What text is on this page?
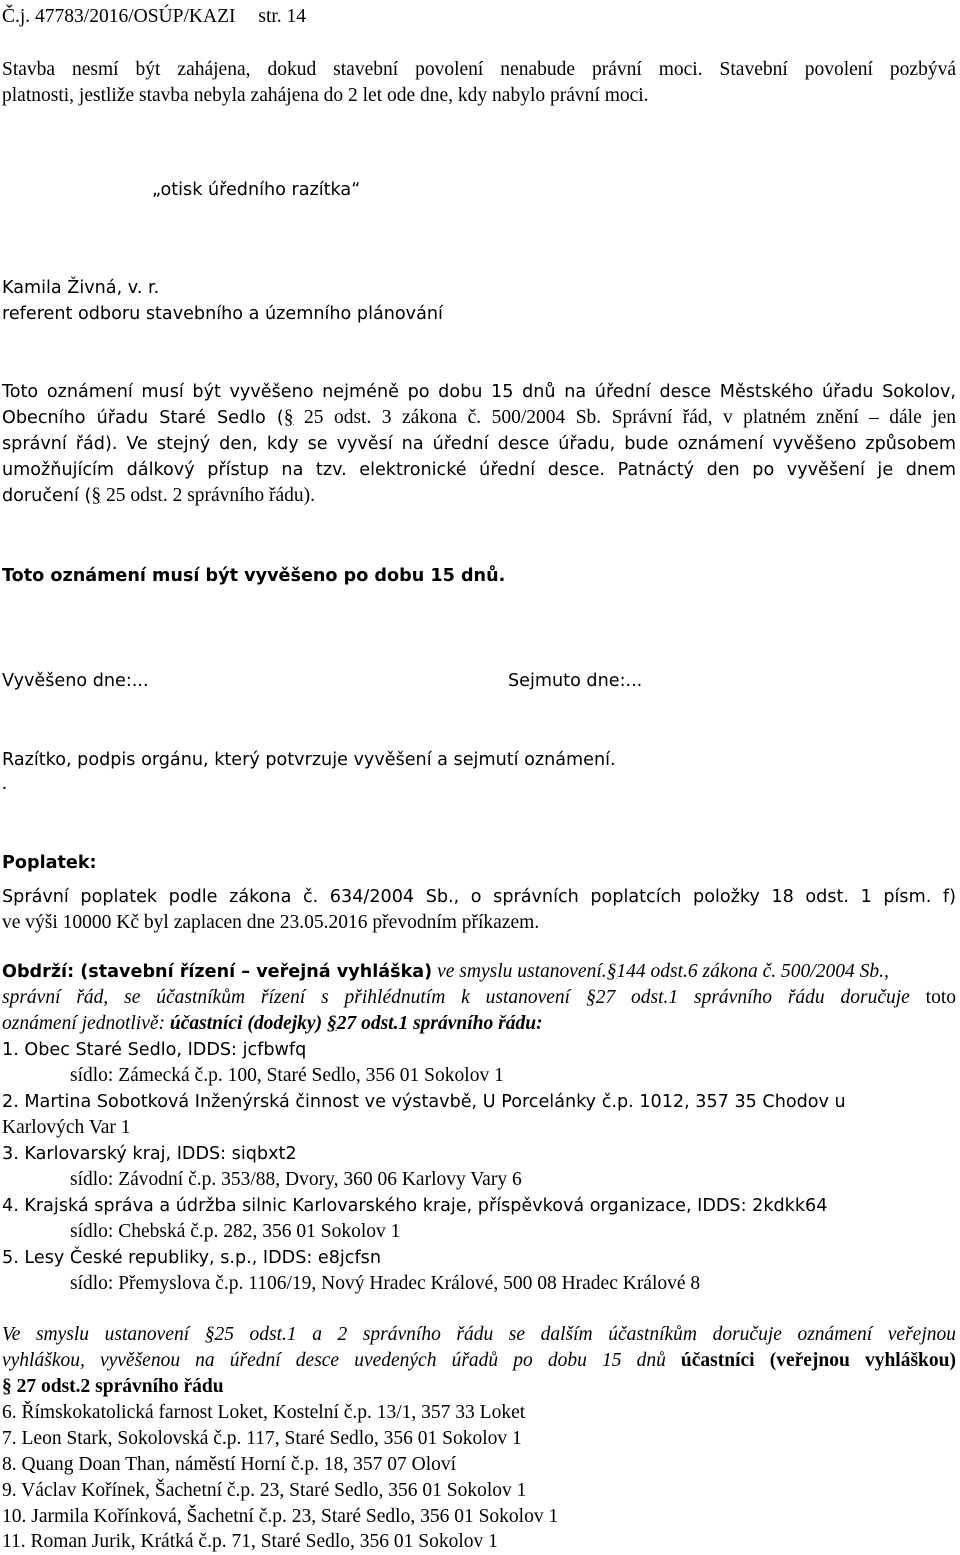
Č.j. 47783/2016/OSÚP/KAZI str. 14
Stavba nesmí být zahájena, dokud stavební povolení nenabude právní moci. Stavební povolení pozbývá
platnosti, jestliže stavba nebyla zahájena do 2 let ode dne, kdy nabylo právní moci.
„otisk úředního razítka“
Kamila Živná, v. r.
referent odboru stavebního a územního plánování
Toto oznámení musí být vyvěšeno nejméně po dobu 15 dnů na úřední desce Městského úřadu Sokolov,
Obecního úřadu Staré Sedlo (§ 25 odst. 3 zákona č. 500/2004 Sb. Správní řád, v platném znění – dále jen
správní řád). Ve stejný den, kdy se vyvěsí na úřední desce úřadu, bude oznámení vyvěšeno způsobem
umožňujícím dálkový přístup na tzv. elektronické úřední desce. Patnáctý den po vyvěšení je dnem
doručení (§ 25 odst. 2 správního řádu).
Toto oznámení musí být vyvěšeno po dobu 15 dnů.
Vyvěšeno dne:...	Sejmuto dne:...
Razítko, podpis orgánu, který potvrzuje vyvěšení a sejmutí oznámení.
.
Poplatek:
Správní poplatek podle zákona č. 634/2004 Sb., o správních poplatcích položky 18 odst. 1 písm. f)
ve výši 10000 Kč byl zaplacen dne 23.05.2016 převodním příkazem.
Obdrží: (stavební řízení – veřejná vyhláška) ve smyslu ustanovení.§144 odst.6 zákona č. 500/2004 Sb.,
správní řád, se účastníkům řízení s přihlédnutím k ustanovení §27 odst.1 správního řádu doručuje toto
oznámení jednotlivě: účastníci (dodejky) §27 odst.1 správního řádu:
1. Obec Staré Sedlo, IDDS: jcfbwfq
sídlo: Zámecká č.p. 100, Staré Sedlo, 356 01 Sokolov 1
2. Martina Sobotková Inženýrská činnost ve výstavbě, U Porcelánky č.p. 1012, 357 35 Chodov u
Karlových Var 1
3. Karlovarský kraj, IDDS: siqbxt2
sídlo: Závodní č.p. 353/88, Dvory, 360 06 Karlovy Vary 6
4. Krajská správa a údržba silnic Karlovarského kraje, příspěvková organizace, IDDS: 2kdkk64
sídlo: Chebská č.p. 282, 356 01 Sokolov 1
5. Lesy České republiky, s.p., IDDS: e8jcfsn
sídlo: Přemyslova č.p. 1106/19, Nový Hradec Králové, 500 08 Hradec Králové 8
Ve smyslu ustanovení §25 odst.1 a 2 správního řádu se dalším účastníkům doručuje oznámení veřejnou
vyhláškou, vyvěšenou na úřední desce uvedených úřadů po dobu 15 dnů účastníci (veřejnou vyhláškou)
§ 27 odst.2 správního řádu
6. Římskokatolická farnost Loket, Kostelní č.p. 13/1, 357 33 Loket
7. Leon Stark, Sokolovská č.p. 117, Staré Sedlo, 356 01 Sokolov 1
8. Quang Doan Than, náměstí Horní č.p. 18, 357 07 Oloví
9. Václav Kořínek, Šachetní č.p. 23, Staré Sedlo, 356 01 Sokolov 1
10. Jarmila Kořínková, Šachetní č.p. 23, Staré Sedlo, 356 01 Sokolov 1
11. Roman Jurik, Krátká č.p. 71, Staré Sedlo, 356 01 Sokolov 1
